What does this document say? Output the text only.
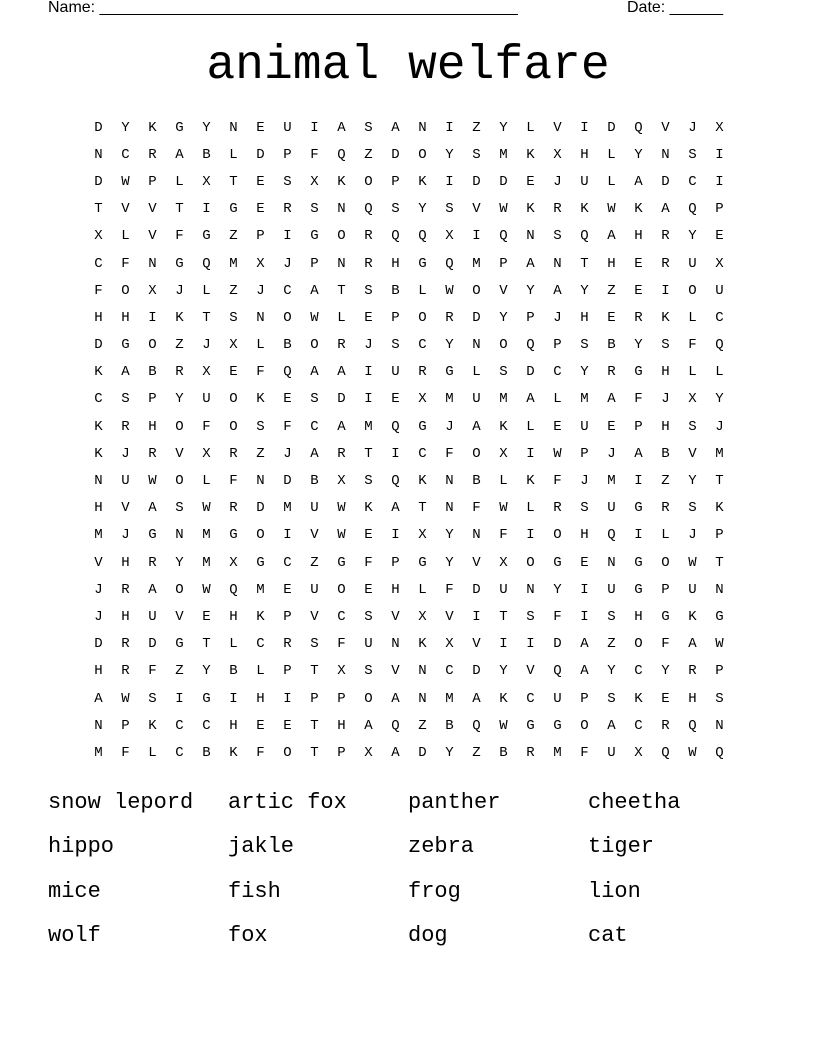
Name: _______________________________________________	Date: ______
animal welfare
D	Y	K	G	Y	N	E	U	I	A	S	A	N	I	Z	Y	L	V	I	D	Q	V	J	X
N	C	R	A	B	L	D	P	F	Q	Z	D	O	Y	S	M	K	X	H	L	Y	N	S	I
D	W	P	L	X	T	E	S	X	K	O	P	K	I	D	D	E	J	U	L	A	D	C	I
T	V	V	T	I	G	E	R	S	N	Q	S	Y	S	V	W	K	R	K	W	K	A	Q	P
X	L	V	F	G	Z	P	I	G	O	R	Q	Q	X	I	Q	N	S	Q	A	H	R	Y	E
C	F	N	G	Q	M	X	J	P	N	R	H	G	Q	M	P	A	N	T	H	E	R	U	X
F	O	X	J	L	Z	J	C	A	T	S	B	L	W	O	V	Y	A	Y	Z	E	I	O	U
H	H	I	K	T	S	N	O	W	L	E	P	O	R	D	Y	P	J	H	E	R	K	L	C
D	G	O	Z	J	X	L	B	O	R	J	S	C	Y	N	O	Q	P	S	B	Y	S	F	Q
K	A	B	R	X	E	F	Q	A	A	I	U	R	G	L	S	D	C	Y	R	G	H	L	L
C	S	P	Y	U	O	K	E	S	D	I	E	X	M	U	M	A	L	M	A	F	J	X	Y
K	R	H	O	F	O	S	F	C	A	M	Q	G	J	A	K	L	E	U	E	P	H	S	J
K	J	R	V	X	R	Z	J	A	R	T	I	C	F	O	X	I	W	P	J	A	B	V	M
N	U	W	O	L	F	N	D	B	X	S	Q	K	N	B	L	K	F	J	M	I	Z	Y	T
H	V	A	S	W	R	D	M	U	W	K	A	T	N	F	W	L	R	S	U	G	R	S	K
M	J	G	N	M	G	O	I	V	W	E	I	X	Y	N	F	I	O	H	Q	I	L	J	P
V	H	R	Y	M	X	G	C	Z	G	F	P	G	Y	V	X	O	G	E	N	G	O	W	T
J	R	A	O	W	Q	M	E	U	O	E	H	L	F	D	U	N	Y	I	U	G	P	U	N
J	H	U	V	E	H	K	P	V	C	S	V	X	V	I	T	S	F	I	S	H	G	K	G
D	R	D	G	T	L	C	R	S	F	U	N	K	X	V	I	I	D	A	Z	O	F	A	W
H	R	F	Z	Y	B	L	P	T	X	S	V	N	C	D	Y	V	Q	A	Y	C	Y	R	P
A	W	S	I	G	I	H	I	P	P	O	A	N	M	A	K	C	U	P	S	K	E	H	S
N	P	K	C	C	H	E	E	T	H	A	Q	Z	B	Q	W	G	G	O	A	C	R	Q	N
M	F	L	C	B	K	F	O	T	P	X	A	D	Y	Z	B	R	M	F	U	X	Q	W	Q
snow lepord	artic fox	panther	cheetha
hippo	jakle	zebra	tiger
mice	fish	frog	lion
wolf	fox	dog	cat
